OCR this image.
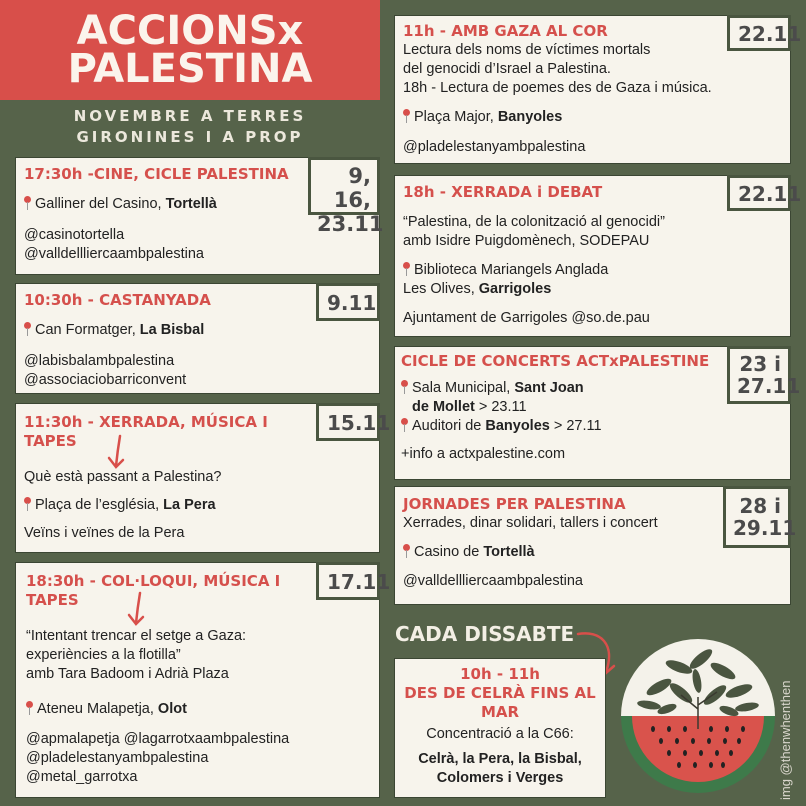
ACCIONSx
PALESTINA
NOVEMBRE A TERRES
GIRONINES I A PROP
9, 16,
23.11
17:30h -CINE, CICLE PALESTINA
Galliner del Casino, Tortellà
@casinotortella
@valldellliercaambpalestina
9.11
10:30h - CASTANYADA
Can Formatger, La Bisbal
@labisbalambpalestina
@associaciobarriconvent
15.11
11:30h - XERRADA, MÚSICA I
TAPES
Què està passant a Palestina?
Plaça de l’església, La Pera
Veïns i veïnes de la Pera
17.11
18:30h - COL·LOQUI, MÚSICA I
TAPES
“Intentant trencar el setge a Gaza:
experiències a la flotilla”
amb Tara Badoom i Adrià Plaza
Ateneu Malapetja, Olot
@apmalapetja @lagarrotxaambpalestina
@pladelestanyambpalestina
@metal_garrotxa
22.11
11h - AMB GAZA AL COR
Lectura dels noms de víctimes mortals
del genocidi d’Israel a Palestina.
18h - Lectura de poemes des de Gaza i música.
Plaça Major, Banyoles
@pladelestanyambpalestina
22.11
18h - XERRADA i DEBAT
“Palestina, de la colonització al genocidi”
amb Isidre Puigdomènech, SODEPAU
Biblioteca Mariangels Anglada
Les Olives, Garrigoles
Ajuntament de Garrigoles @so.de.pau
23 i
27.11
CICLE DE CONCERTS ACTxPALESTINE
Sala Municipal, Sant Joan
de Mollet > 23.11
Auditori de Banyoles > 27.11
+info a actxpalestine.com
28 i
29.11
JORNADES PER PALESTINA
Xerrades, dinar solidari, tallers i concert
Casino de Tortellà
@valldellliercaambpalestina
CADA DISSABTE
10h - 11h
DES DE CELRÀ FINS AL
MAR
Concentració a la C66:
Celrà, la Pera, la Bisbal,
Colomers i Verges	img @thenwhenthen
